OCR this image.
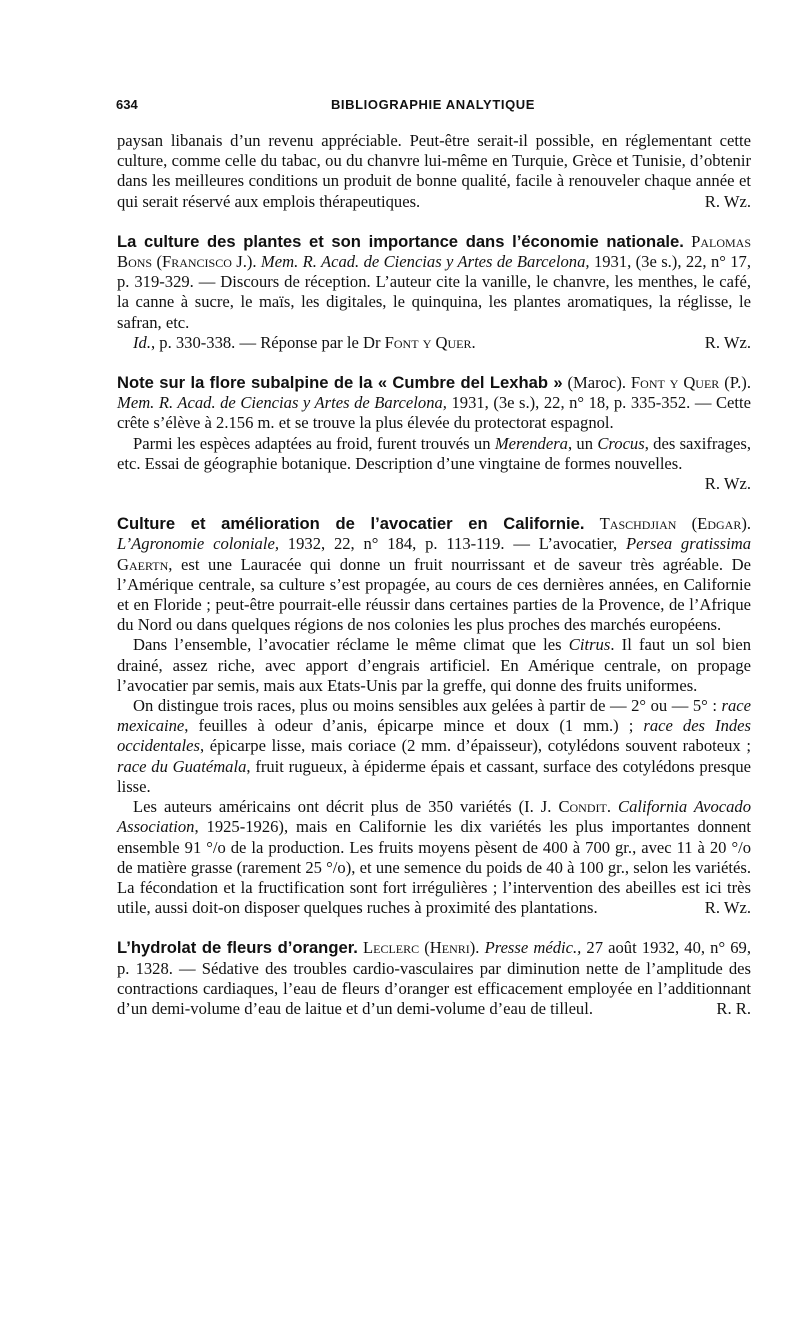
634	BIBLIOGRAPHIE ANALYTIQUE

paysan libanais d’un revenu appréciable. Peut-être serait-il possible, en réglementant cette culture, comme celle du tabac, ou du chanvre lui-même en Turquie, Grèce et Tunisie, d’obtenir dans les meilleures conditions un produit de bonne qualité, facile à renouveler chaque année et qui serait réservé aux emplois thérapeutiques.	R. Wz.

La culture des plantes et son importance dans l’économie nationale. Palomas Bons (Francisco J.). Mem. R. Acad. de Ciencias y Artes de Barcelona, 1931, (3e s.), 22, n° 17, p. 319-329. — Discours de réception. L’auteur cite la vanille, le chanvre, les menthes, le café, la canne à sucre, le maïs, les digitales, le quinquina, les plantes aromatiques, la réglisse, le safran, etc.

Id., p. 330-338. — Réponse par le Dr Font y Quer.	R. Wz.

Note sur la flore subalpine de la « Cumbre del Lexhab » (Maroc). Font y Quer (P.). Mem. R. Acad. de Ciencias y Artes de Barcelona, 1931, (3e s.), 22, n° 18, p. 335-352. — Cette crête s’élève à 2.156 m. et se trouve la plus élevée du protectorat espagnol.

Parmi les espèces adaptées au froid, furent trouvés un Merendera, un Crocus, des saxifrages, etc. Essai de géographie botanique. Description d’une vingtaine de formes nouvelles.
R. Wz.

Culture et amélioration de l’avocatier en Californie. Taschdjian (Edgar). L’Agronomie coloniale, 1932, 22, n° 184, p. 113-119. — L’avocatier, Persea gratissima Gaertn, est une Lauracée qui donne un fruit nourrissant et de saveur très agréable. De l’Amérique centrale, sa culture s’est propagée, au cours de ces dernières années, en Californie et en Floride ; peut-être pourrait-elle réussir dans certaines parties de la Provence, de l’Afrique du Nord ou dans quelques régions de nos colonies les plus proches des marchés européens.

Dans l’ensemble, l’avocatier réclame le même climat que les Citrus. Il faut un sol bien drainé, assez riche, avec apport d’engrais artificiel. En Amérique centrale, on propage l’avocatier par semis, mais aux Etats-Unis par la greffe, qui donne des fruits uniformes.

On distingue trois races, plus ou moins sensibles aux gelées à partir de — 2° ou — 5° : race mexicaine, feuilles à odeur d’anis, épicarpe mince et doux (1 mm.) ; race des Indes occidentales, épicarpe lisse, mais coriace (2 mm. d’épaisseur), cotylédons souvent raboteux ; race du Guatémala, fruit rugueux, à épiderme épais et cassant, surface des cotylédons presque lisse.

Les auteurs américains ont décrit plus de 350 variétés (I. J. Condit. California Avocado Association, 1925-1926), mais en Californie les dix variétés les plus importantes donnent ensemble 91 °/o de la production. Les fruits moyens pèsent de 400 à 700 gr., avec 11 à 20 °/o de matière grasse (rarement 25 °/o), et une semence du poids de 40 à 100 gr., selon les variétés. La fécondation et la fructification sont fort irrégulières ; l’intervention des abeilles est ici très utile, aussi doit-on disposer quelques ruches à proximité des plantations.	R. Wz.

L’hydrolat de fleurs d’oranger. Leclerc (Henri). Presse médic., 27 août 1932, 40, n° 69, p. 1328. — Sédative des troubles cardio-vasculaires par diminution nette de l’amplitude des contractions cardiaques, l’eau de fleurs d’oranger est efficacement employée en l’additionnant d’un demi-volume d’eau de laitue et d’un demi-volume d’eau de tilleul.	R. R.
